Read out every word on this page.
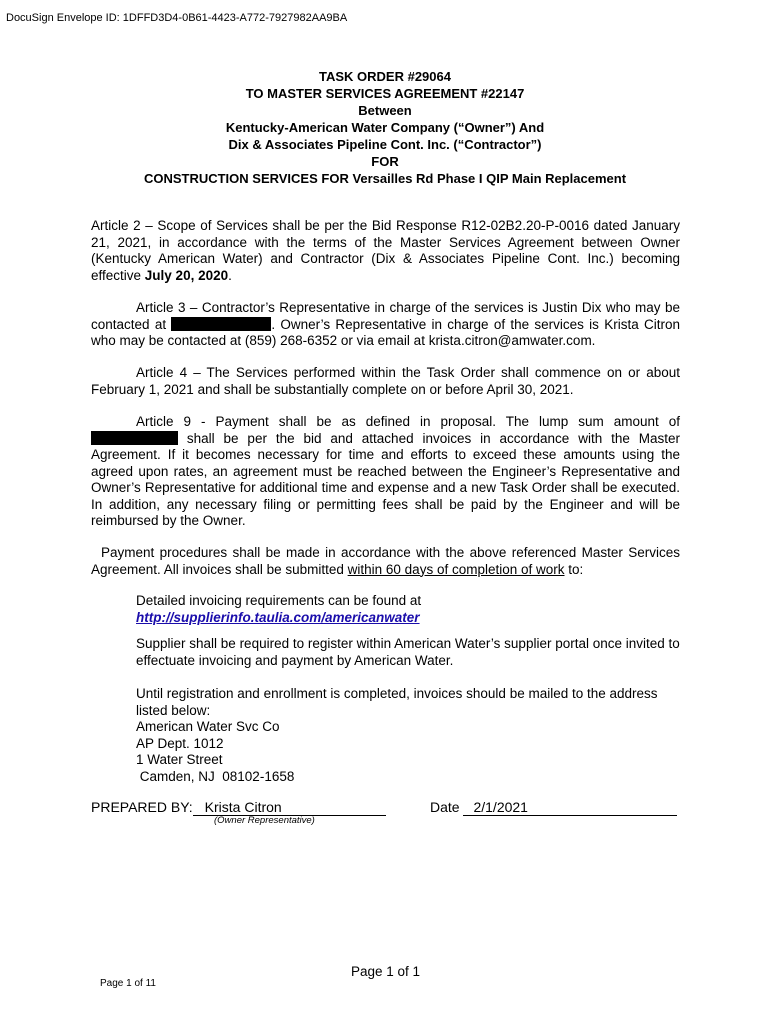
DocuSign Envelope ID: 1DFFD3D4-0B61-4423-A772-7927982AA9BA
TASK ORDER #29064
TO MASTER SERVICES AGREEMENT #22147
Between
Kentucky-American Water Company (“Owner”) And
Dix & Associates Pipeline Cont. Inc. (“Contractor”)
FOR
CONSTRUCTION SERVICES FOR Versailles Rd Phase I QIP Main Replacement
Article 2 – Scope of Services shall be per the Bid Response R12-02B2.20-P-0016 dated January 21, 2021, in accordance with the terms of the Master Services Agreement between Owner (Kentucky American Water) and Contractor (Dix & Associates Pipeline Cont. Inc.) becoming effective July 20, 2020.
Article 3 – Contractor’s Representative in charge of the services is Justin Dix who may be contacted at	. Owner’s Representative in charge of the services is Krista Citron who may be contacted at (859) 268-6352 or via email at krista.citron@amwater.com.
Article 4 – The Services performed within the Task Order shall commence on or about February 1, 2021 and shall be substantially complete on or before April 30, 2021.
Article 9 - Payment shall be as defined in proposal. The lump sum amount of
shall be per the bid and attached invoices in accordance with the Master Agreement. If it becomes necessary for time and efforts to exceed these amounts using the agreed upon rates, an agreement must be reached between the Engineer’s Representative and Owner’s Representative for additional time and expense and a new Task Order shall be executed. In addition, any necessary filing or permitting fees shall be paid by the Engineer and will be reimbursed by the Owner.
Payment procedures shall be made in accordance with the above referenced Master Services Agreement. All invoices shall be submitted within 60 days of completion of work to:
Detailed invoicing requirements can be found at
http://supplierinfo.taulia.com/americanwater
Supplier shall be required to register within American Water’s supplier portal once invited to effectuate invoicing and payment by American Water.
Until registration and enrollment is completed, invoices should be mailed to the address listed below:
American Water Svc Co
AP Dept. 1012
1 Water Street
Camden, NJ  08102-1658
PREPARED BY: Krista Citron
(Owner Representative)
Date 2/1/2021
Page 1 of 1
Page 1 of 11
